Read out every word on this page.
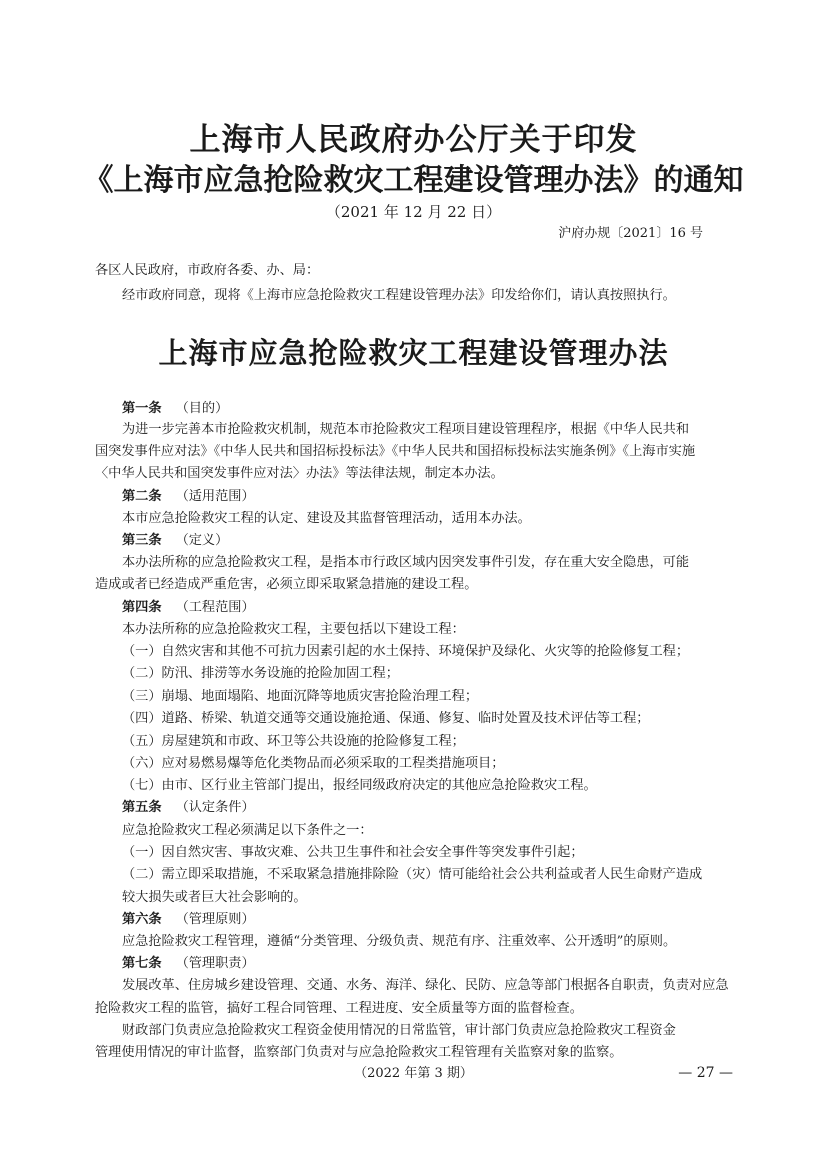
上海市人民政府办公厅关于印发
《上海市应急抢险救灾工程建设管理办法》的通知
（2021 年 12 月 22 日）
沪府办规〔2021〕16 号
各区人民政府，市政府各委、办、局：
经市政府同意，现将《上海市应急抢险救灾工程建设管理办法》印发给你们，请认真按照执行。
上海市应急抢险救灾工程建设管理办法
第一条 （目的）
为进一步完善本市抢险救灾机制，规范本市抢险救灾工程项目建设管理程序，根据《中华人民共和
国突发事件应对法》《中华人民共和国招标投标法》《中华人民共和国招标投标法实施条例》《上海市实施
〈中华人民共和国突发事件应对法〉办法》等法律法规，制定本办法。
第二条 （适用范围）
本市应急抢险救灾工程的认定、建设及其监督管理活动，适用本办法。
第三条 （定义）
本办法所称的应急抢险救灾工程，是指本市行政区域内因突发事件引发，存在重大安全隐患，可能
造成或者已经造成严重危害，必须立即采取紧急措施的建设工程。
第四条 （工程范围）
本办法所称的应急抢险救灾工程，主要包括以下建设工程：
（一）自然灾害和其他不可抗力因素引起的水土保持、环境保护及绿化、火灾等的抢险修复工程；
（二）防汛、排涝等水务设施的抢险加固工程；
（三）崩塌、地面塌陷、地面沉降等地质灾害抢险治理工程；
（四）道路、桥梁、轨道交通等交通设施抢通、保通、修复、临时处置及技术评估等工程；
（五）房屋建筑和市政、环卫等公共设施的抢险修复工程；
（六）应对易燃易爆等危化类物品而必须采取的工程类措施项目；
（七）由市、区行业主管部门提出，报经同级政府决定的其他应急抢险救灾工程。
第五条 （认定条件）
应急抢险救灾工程必须满足以下条件之一：
（一）因自然灾害、事故灾难、公共卫生事件和社会安全事件等突发事件引起；
（二）需立即采取措施，不采取紧急措施排除险（灾）情可能给社会公共利益或者人民生命财产造成
较大损失或者巨大社会影响的。
第六条 （管理原则）
应急抢险救灾工程管理，遵循“分类管理、分级负责、规范有序、注重效率、公开透明”的原则。
第七条 （管理职责）
发展改革、住房城乡建设管理、交通、水务、海洋、绿化、民防、应急等部门根据各自职责，负责对应急
抢险救灾工程的监管，搞好工程合同管理、工程进度、安全质量等方面的监督检查。
财政部门负责应急抢险救灾工程资金使用情况的日常监管，审计部门负责应急抢险救灾工程资金
管理使用情况的审计监督，监察部门负责对与应急抢险救灾工程管理有关监察对象的监察。
（2022 年第 3 期）	— 27 —
